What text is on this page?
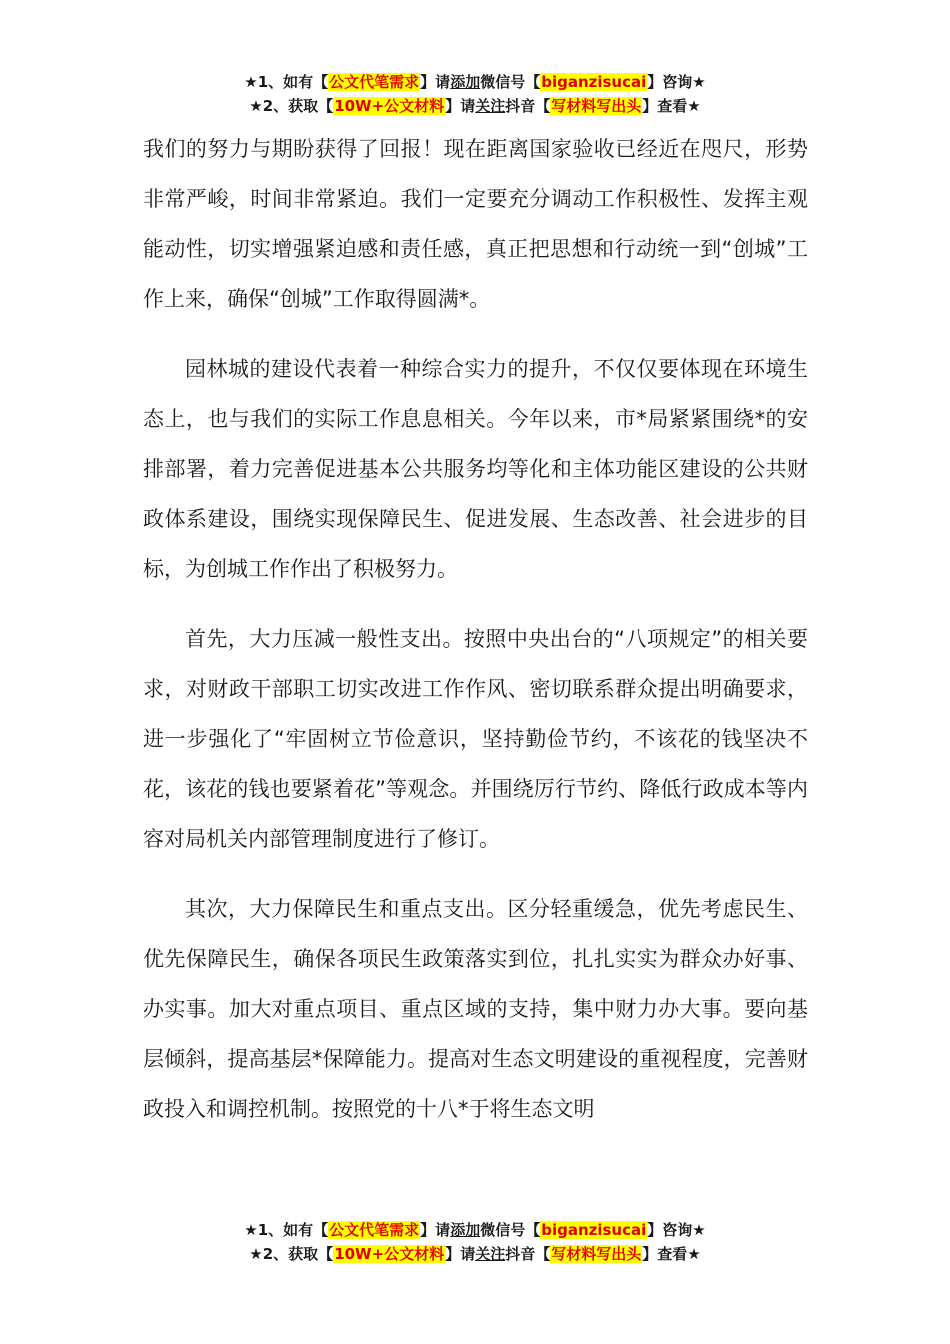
★1、如有【公文代笔需求】请添加微信号【biganzisucai】咨询★
★2、获取【10W+公文材料】请关注抖音【写材料写出头】查看★

我们的努力与期盼获得了回报！现在距离国家验收已经近在咫尺，形势非常严峻，时间非常紧迫。我们一定要充分调动工作积极性、发挥主观能动性，切实增强紧迫感和责任感，真正把思想和行动统一到“创城”工作上来，确保“创城”工作取得圆满*。

园林城的建设代表着一种综合实力的提升，不仅仅要体现在环境生态上，也与我们的实际工作息息相关。今年以来，市*局紧紧围绕*的安排部署，着力完善促进基本公共服务均等化和主体功能区建设的公共财政体系建设，围绕实现保障民生、促进发展、生态改善、社会进步的目标，为创城工作作出了积极努力。

首先，大力压减一般性支出。按照中央出台的“八项规定”的相关要求，对财政干部职工切实改进工作作风、密切联系群众提出明确要求，进一步强化了“牢固树立节俭意识，坚持勤俭节约，不该花的钱坚决不花，该花的钱也要紧着花”等观念。并围绕厉行节约、降低行政成本等内容对局机关内部管理制度进行了修订。

其次，大力保障民生和重点支出。区分轻重缓急，优先考虑民生、优先保障民生，确保各项民生政策落实到位，扎扎实实为群众办好事、办实事。加大对重点项目、重点区域的支持，集中财力办大事。要向基层倾斜，提高基层*保障能力。提高对生态文明建设的重视程度，完善财政投入和调控机制。按照党的十八*于将生态文明

★1、如有【公文代笔需求】请添加微信号【biganzisucai】咨询★
★2、获取【10W+公文材料】请关注抖音【写材料写出头】查看★
